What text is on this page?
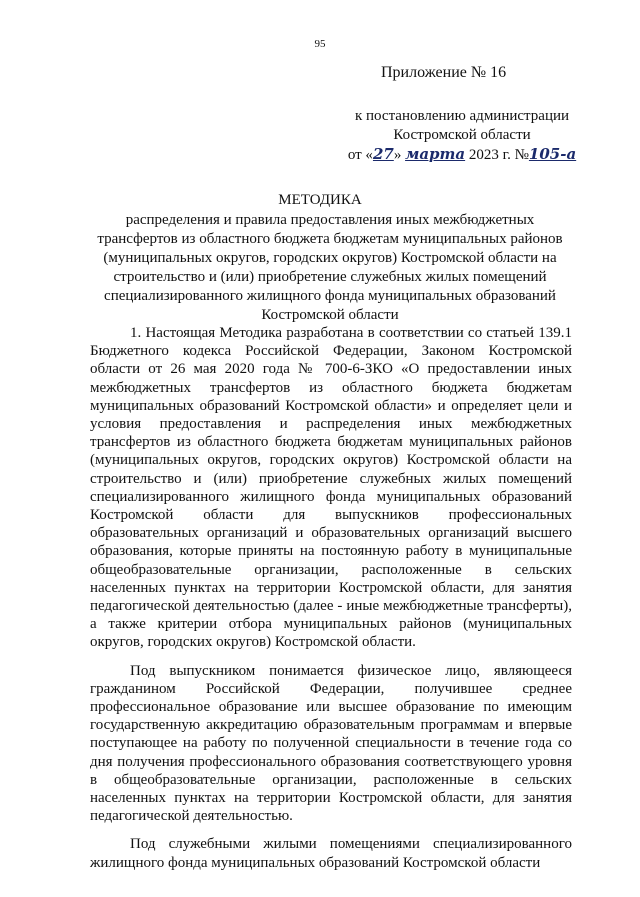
95
Приложение № 16
к постановлению администрации
Костромской области
от «27» марта 2023 г. №105-а
МЕТОДИКА
распределения и правила предоставления иных межбюджетных трансфертов из областного бюджета бюджетам муниципальных районов (муниципальных округов, городских округов) Костромской области на строительство и (или) приобретение служебных жилых помещений специализированного жилищного фонда муниципальных образований Костромской области

1. Настоящая Методика разработана в соответствии со статьей 139.1 Бюджетного кодекса Российской Федерации, Законом Костромской области от 26 мая 2020 года № 700-6-ЗКО «О предоставлении иных межбюджетных трансфертов из областного бюджета бюджетам муниципальных образований Костромской области» и определяет цели и условия предоставления и распределения иных межбюджетных трансфертов из областного бюджета бюджетам муниципальных районов (муниципальных округов, городских округов) Костромской области на строительство и (или) приобретение служебных жилых помещений специализированного жилищного фонда муниципальных образований Костромской области для выпускников профессиональных образовательных организаций и образовательных организаций высшего образования, которые приняты на постоянную работу в муниципальные общеобразовательные организации, расположенные в сельских населенных пунктах на территории Костромской области, для занятия педагогической деятельностью (далее - иные межбюджетные трансферты), а также критерии отбора муниципальных районов (муниципальных округов, городских округов) Костромской области.

Под выпускником понимается физическое лицо, являющееся гражданином Российской Федерации, получившее среднее профессиональное образование или высшее образование по имеющим государственную аккредитацию образовательным программам и впервые поступающее на работу по полученной специальности в течение года со дня получения профессионального образования соответствующего уровня в общеобразовательные организации, расположенные в сельских населенных пунктах на территории Костромской области, для занятия педагогической деятельностью.

Под служебными жилыми помещениями специализированного жилищного фонда муниципальных образований Костромской области
